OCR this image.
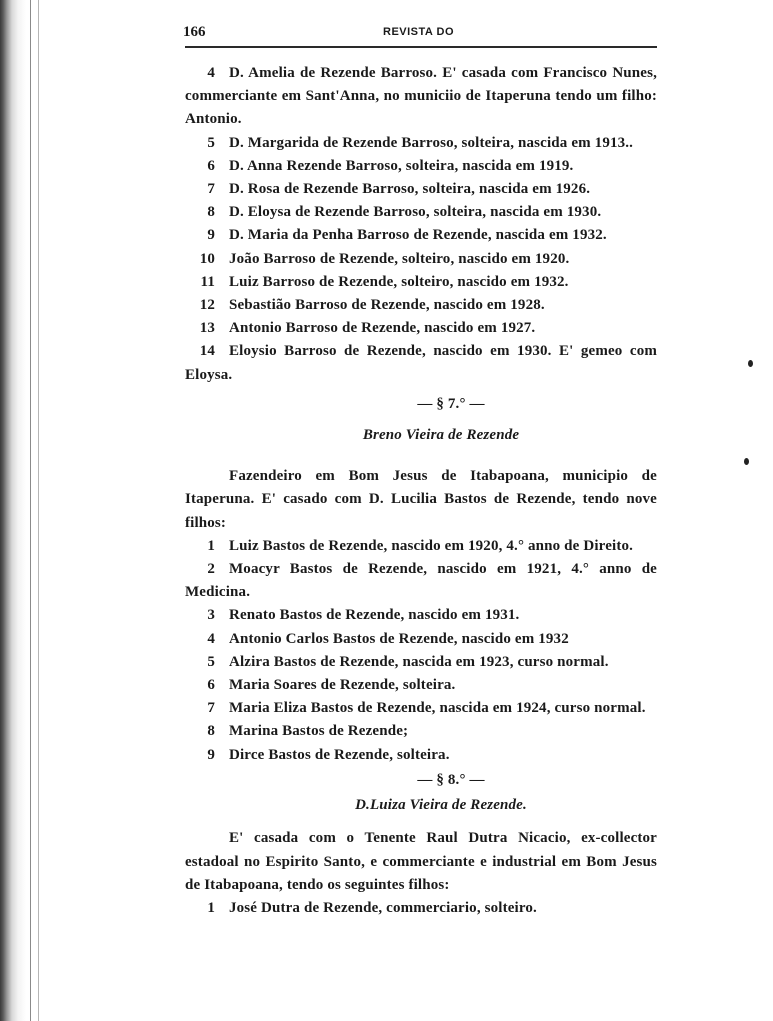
166	REVISTA DO

4 D. Amelia de Rezende Barroso. E' casada com Francisco Nunes, commerciante em Sant'Anna, no municiio de Itaperuna tendo um filho: Antonio.

5 D. Margarida de Rezende Barroso, solteira, nascida em 1913..

6 D. Anna Rezende Barroso, solteira, nascida em 1919.

7 D. Rosa de Rezende Barroso, solteira, nascida em 1926.

8 D. Eloysa de Rezende Barroso, solteira, nascida em 1930.

9 D. Maria da Penha Barroso de Rezende, nascida em 1932.

10 João Barroso de Rezende, solteiro, nascido em 1920.

11 Luiz Barroso de Rezende, solteiro, nascido em 1932.

12 Sebastião Barroso de Rezende, nascido em 1928.

13 Antonio Barroso de Rezende, nascido em 1927.

14 Eloysio Barroso de Rezende, nascido em 1930. E' gemeo com Eloysa.

— § 7.° —

Breno Vieira de Rezende

Fazendeiro em Bom Jesus de Itabapoana, municipio de Itaperuna. E' casado com D. Lucilia Bastos de Rezende, tendo nove filhos:

1 Luiz Bastos de Rezende, nascido em 1920, 4.° anno de Direito.

2 Moacyr Bastos de Rezende, nascido em 1921, 4.° anno de Medicina.

3 Renato Bastos de Rezende, nascido em 1931.

4 Antonio Carlos Bastos de Rezende, nascido em 1932

5 Alzira Bastos de Rezende, nascida em 1923, curso normal.

6 Maria Soares de Rezende, solteira.

7 Maria Eliza Bastos de Rezende, nascida em 1924, curso normal.

8 Marina Bastos de Rezende;

9 Dirce Bastos de Rezende, solteira.

— § 8.° —

D.Luiza Vieira de Rezende.

E' casada com o Tenente Raul Dutra Nicacio, ex-collector estadoal no Espirito Santo, e commerciante e industrial em Bom Jesus de Itabapoana, tendo os seguintes filhos:

1 José Dutra de Rezende, commerciario, solteiro.
